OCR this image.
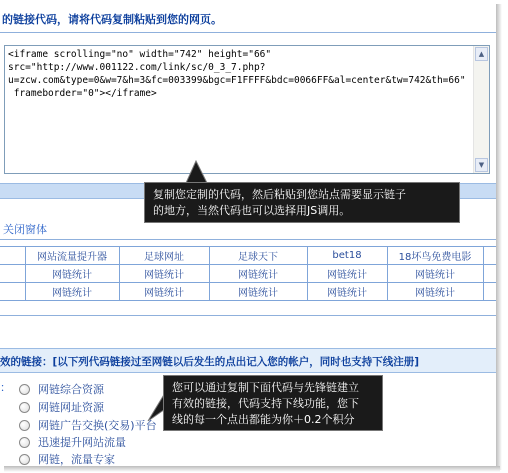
的链接代码，请将代码复制粘贴到您的网页。
<iframe scrolling="no" width="742" height="66"
src="http://www.001122.com/link/sc/0_3_7.php?
u=zcw.com&type=0&w=7&h=3&fc=003399&bgc=F1FFFF&bdc=0066FF&al=center&tw=742&th=66"
frameborder="0"></iframe>
▲
▼
关闭窗体
	网站流量提升器	足球网址	足球天下	bet18	18坏鸟免费电影	
	网链统计	网链统计	网链统计	网链统计	网链统计	
	网链统计	网链统计	网链统计	网链统计	网链统计	
效的链接：[以下列代码链接过至网链以后发生的点出记入您的帐户，同时也支持下线注册]
： 网链综合资源
网链网址资源
网链广告交换(交易)平台
迅速提升网站流量
网链，流量专家
复制您定制的代码，然后粘贴到您站点需要显示链子
的地方，当然代码也可以选择用JS调用。
您可以通过复制下面代码与先锋链建立
有效的链接，代码支持下线功能，您下
线的每一个点出都能为你＋0.2个积分
